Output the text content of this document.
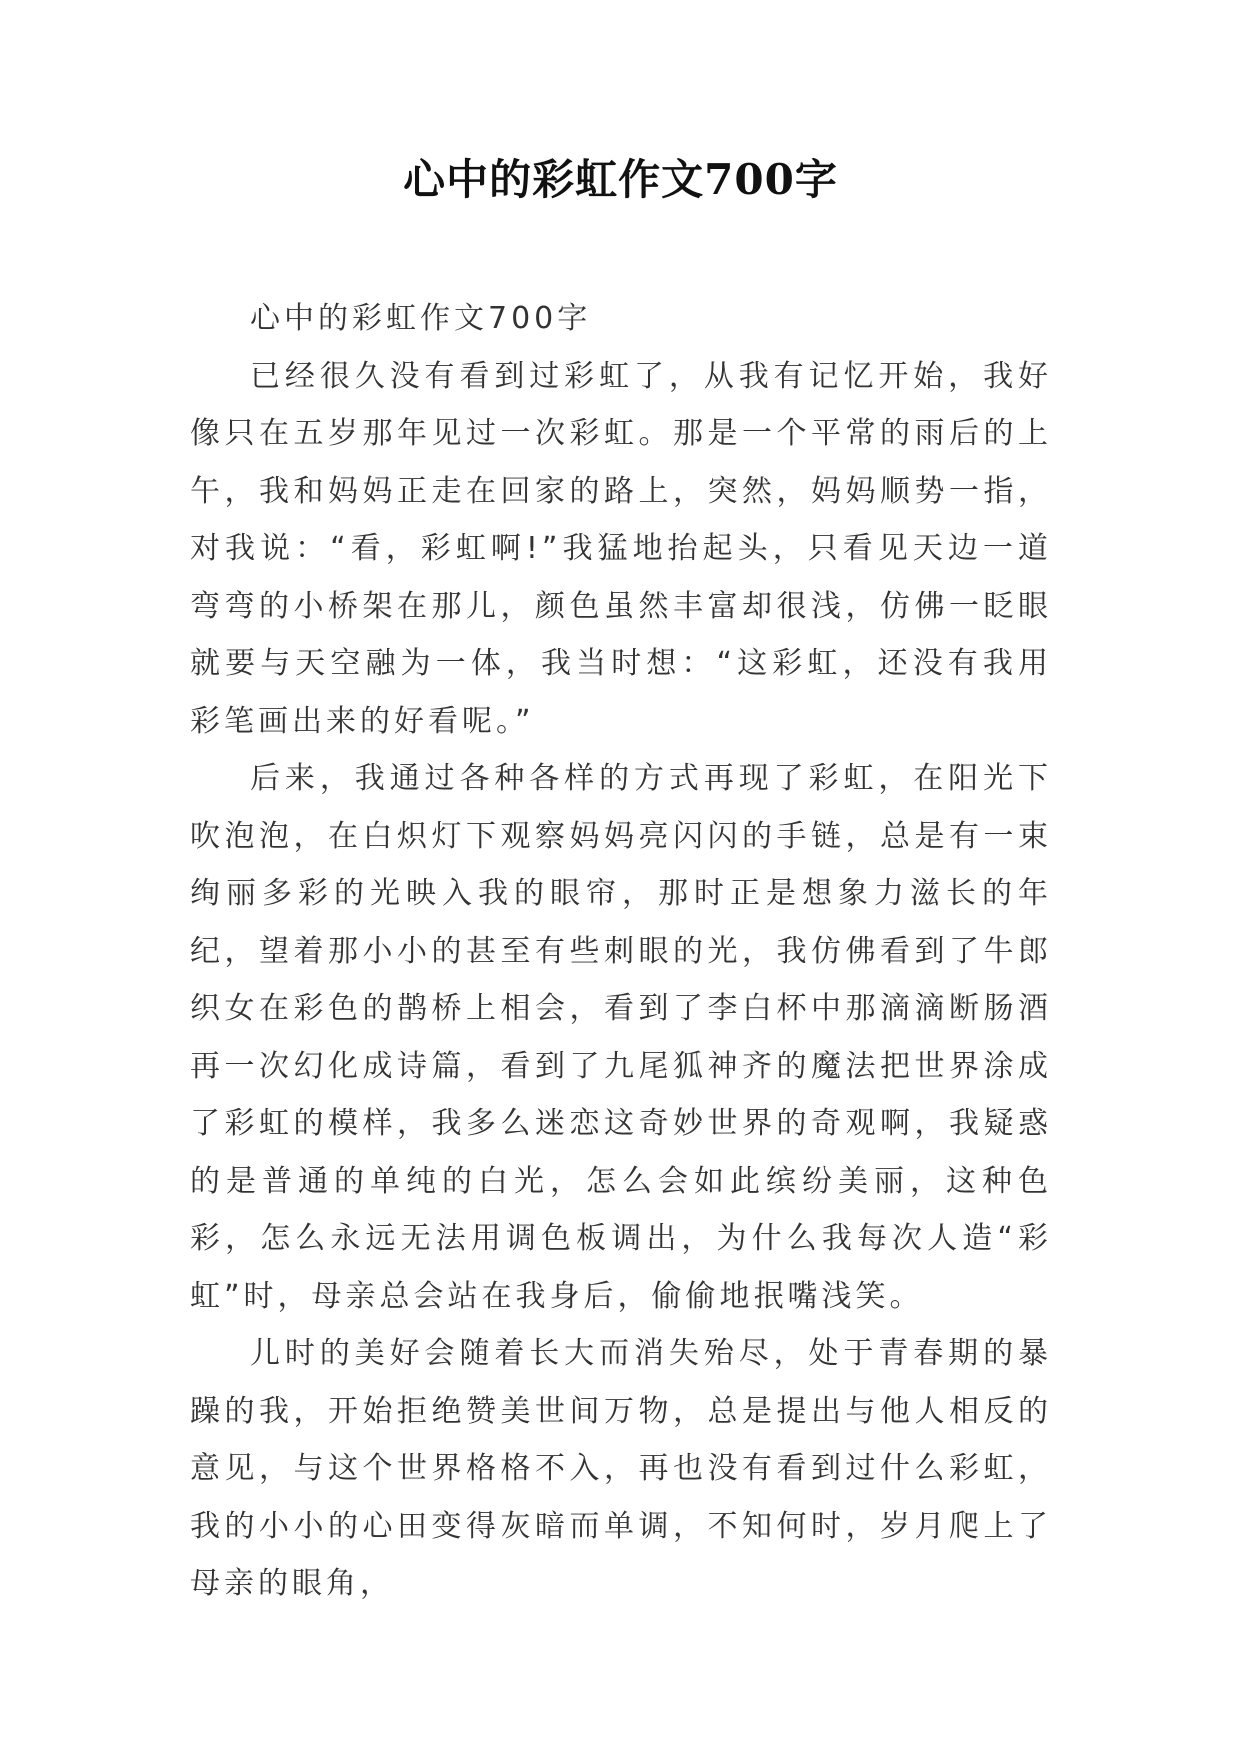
心中的彩虹作文700字

心中的彩虹作文700字

已经很久没有看到过彩虹了，从我有记忆开始，我好像只在五岁那年见过一次彩虹。那是一个平常的雨后的上午，我和妈妈正走在回家的路上，突然，妈妈顺势一指，对我说：“看，彩虹啊!”我猛地抬起头，只看见天边一道弯弯的小桥架在那儿，颜色虽然丰富却很浅，仿佛一眨眼就要与天空融为一体，我当时想：“这彩虹，还没有我用彩笔画出来的好看呢。”

后来，我通过各种各样的方式再现了彩虹，在阳光下吹泡泡，在白炽灯下观察妈妈亮闪闪的手链，总是有一束绚丽多彩的光映入我的眼帘，那时正是想象力滋长的年纪，望着那小小的甚至有些刺眼的光，我仿佛看到了牛郎织女在彩色的鹊桥上相会，看到了李白杯中那滴滴断肠酒再一次幻化成诗篇，看到了九尾狐神齐的魔法把世界涂成了彩虹的模样，我多么迷恋这奇妙世界的奇观啊，我疑惑的是普通的单纯的白光，怎么会如此缤纷美丽，这种色彩，怎么永远无法用调色板调出，为什么我每次人造“彩虹”时，母亲总会站在我身后，偷偷地抿嘴浅笑。

儿时的美好会随着长大而消失殆尽，处于青春期的暴躁的我，开始拒绝赞美世间万物，总是提出与他人相反的意见，与这个世界格格不入，再也没有看到过什么彩虹，我的小小的心田变得灰暗而单调，不知何时，岁月爬上了母亲的眼角，
